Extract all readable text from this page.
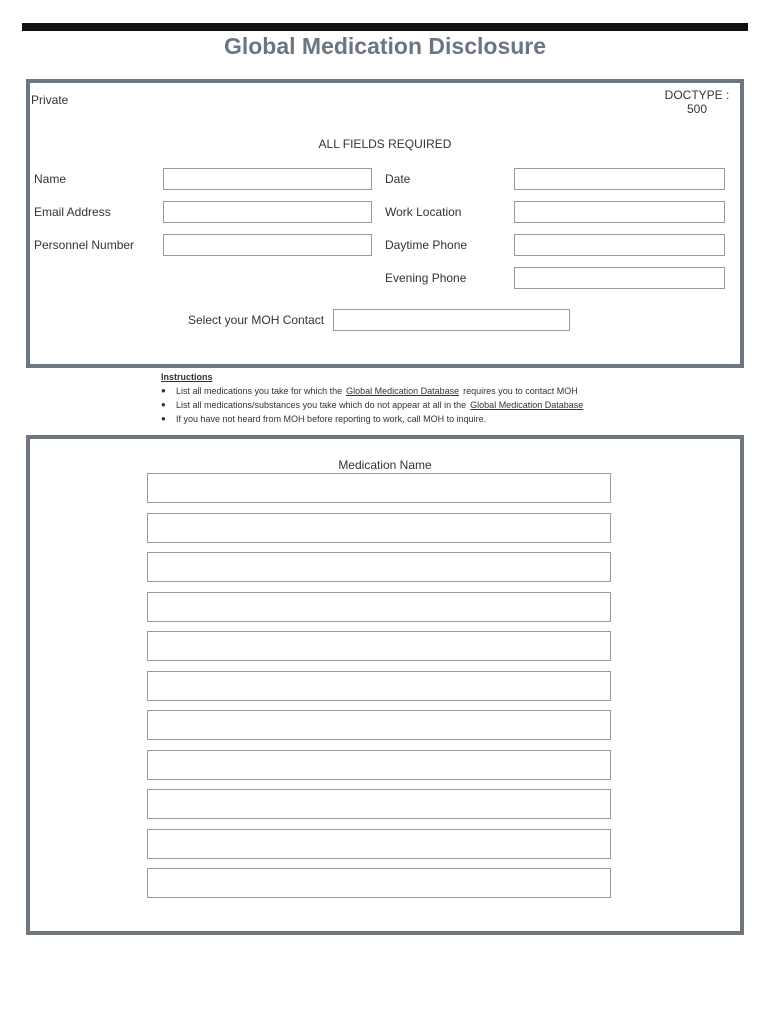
Global Medication Disclosure
Private	DOCTYPE :
500
ALL FIELDS REQUIRED
Name	Date
Email Address	Work Location
Personnel Number	Daytime Phone
Evening Phone
Select your MOH Contact
Instructions
● List all medications you take for which the Global Medication Database requires you to contact MOH
● List all medications/substances you take which do not appear at all in the Global Medication Database
● If you have not heard from MOH before reporting to work, call MOH to inquire.
Medication Name
